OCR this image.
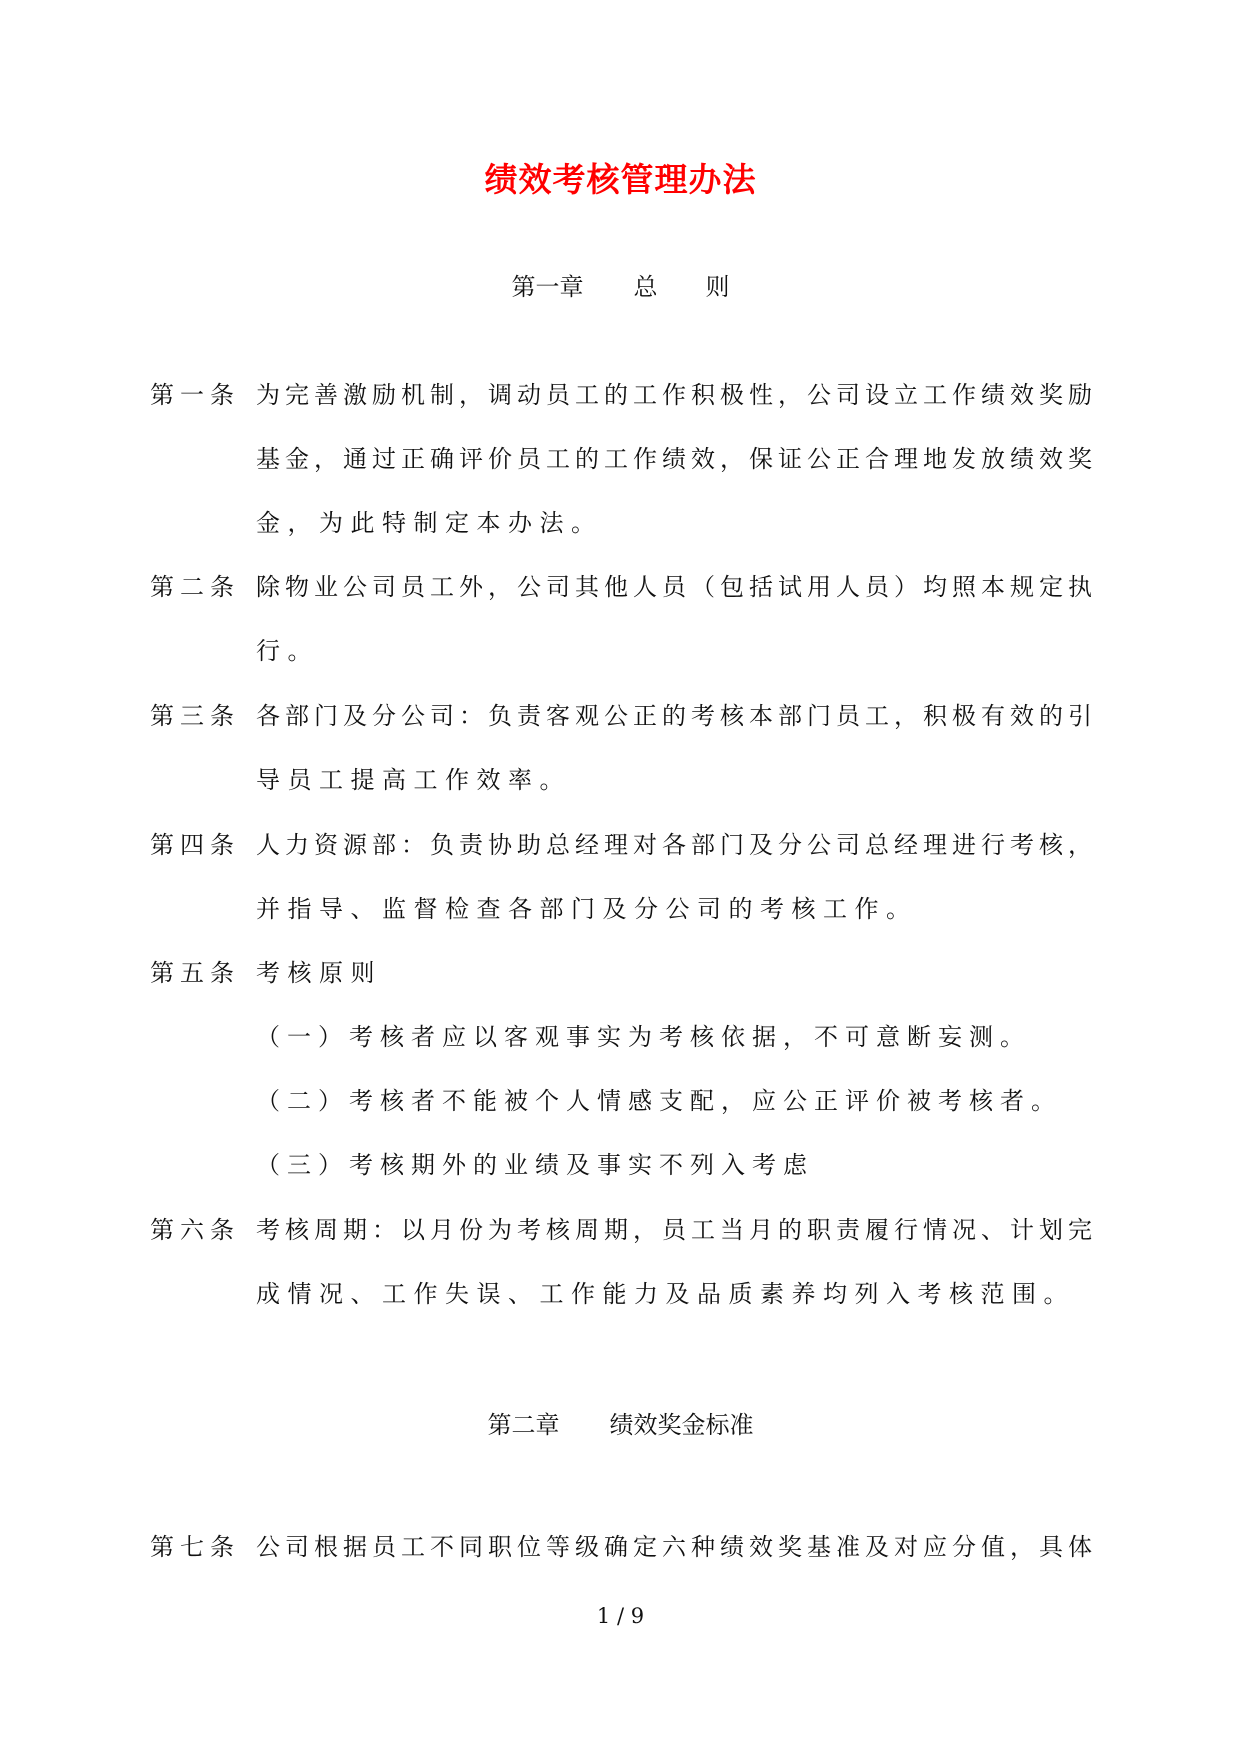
绩效考核管理办法
第一章 总　　则
第一条 为完善激励机制，调动员工的工作积极性，公司设立工作绩效奖励
基金，通过正确评价员工的工作绩效，保证公正合理地发放绩效奖
金，为此特制定本办法。
第二条 除物业公司员工外，公司其他人员（包括试用人员）均照本规定执
行。
第三条 各部门及分公司：负责客观公正的考核本部门员工，积极有效的引
导员工提高工作效率。
第四条 人力资源部：负责协助总经理对各部门及分公司总经理进行考核，
并指导、监督检查各部门及分公司的考核工作。
第五条 考核原则
（一）考核者应以客观事实为考核依据，不可意断妄测。
（二）考核者不能被个人情感支配，应公正评价被考核者。
（三）考核期外的业绩及事实不列入考虑
第六条 考核周期：以月份为考核周期，员工当月的职责履行情况、计划完
成情况、工作失误、工作能力及品质素养均列入考核范围。
第二章 绩效奖金标准
第七条 公司根据员工不同职位等级确定六种绩效奖基准及对应分值，具体
1 / 9
